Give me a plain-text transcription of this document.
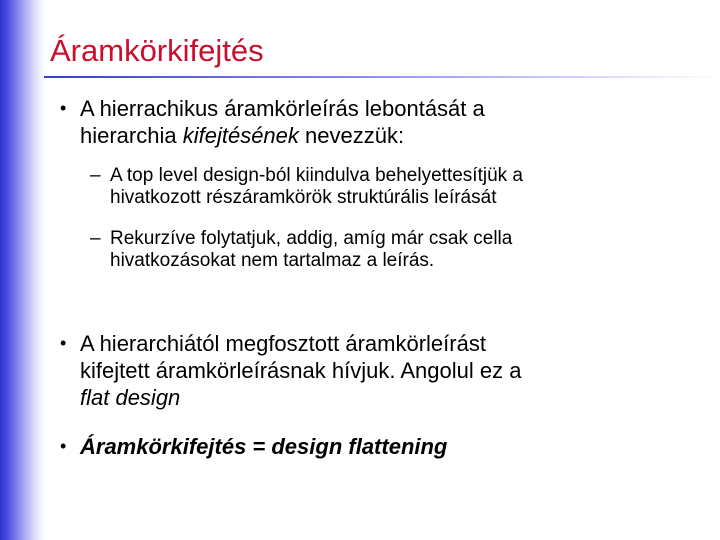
Áramkörkifejtés
• A hierrachikus áramkörleírás lebontását a
hierarchia kifejtésének nevezzük:
– A top level design-ból kiindulva behelyettesítjük a
hivatkozott részáramkörök struktúrális leírását
– Rekurzíve folytatjuk, addig, amíg már csak cella
hivatkozásokat nem tartalmaz a leírás.
• A hierarchiától megfosztott áramkörleírást
kifejtett áramkörleírásnak hívjuk. Angolul ez a
flat design
• Áramkörkifejtés = design flattening
